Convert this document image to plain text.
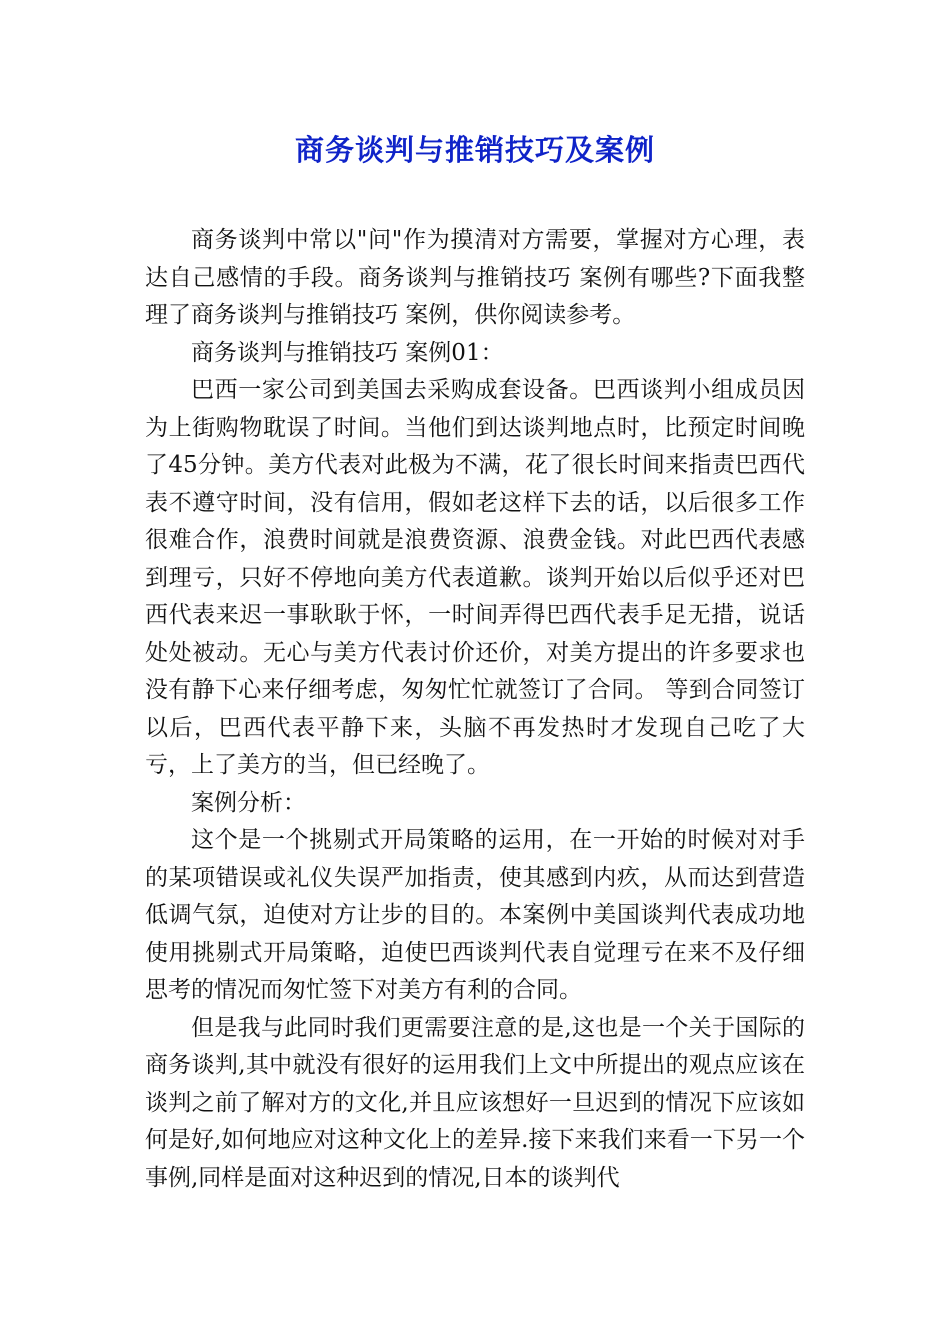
商务谈判与推销技巧及案例

商务谈判中常以"问"作为摸清对方需要，掌握对方心理，表达自己感情的手段。商务谈判与推销技巧 案例有哪些?下面我整理了商务谈判与推销技巧 案例，供你阅读参考。

商务谈判与推销技巧 案例01：

巴西一家公司到美国去采购成套设备。巴西谈判小组成员因为上街购物耽误了时间。当他们到达谈判地点时，比预定时间晚了45分钟。美方代表对此极为不满，花了很长时间来指责巴西代表不遵守时间，没有信用，假如老这样下去的话，以后很多工作很难合作，浪费时间就是浪费资源、浪费金钱。对此巴西代表感到理亏，只好不停地向美方代表道歉。谈判开始以后似乎还对巴西代表来迟一事耿耿于怀，一时间弄得巴西代表手足无措，说话处处被动。无心与美方代表讨价还价，对美方提出的许多要求也没有静下心来仔细考虑，匆匆忙忙就签订了合同。 等到合同签订以后，巴西代表平静下来，头脑不再发热时才发现自己吃了大亏，上了美方的当，但已经晚了。

案例分析：

这个是一个挑剔式开局策略的运用，在一开始的时候对对手的某项错误或礼仪失误严加指责，使其感到内疚，从而达到营造低调气氛，迫使对方让步的目的。本案例中美国谈判代表成功地使用挑剔式开局策略，迫使巴西谈判代表自觉理亏在来不及仔细思考的情况而匆忙签下对美方有利的合同。

但是我与此同时我们更需要注意的是,这也是一个关于国际的商务谈判,其中就没有很好的运用我们上文中所提出的观点应该在谈判之前了解对方的文化,并且应该想好一旦迟到的情况下应该如何是好,如何地应对这种文化上的差异.接下来我们来看一下另一个事例,同样是面对这种迟到的情况,日本的谈判代
